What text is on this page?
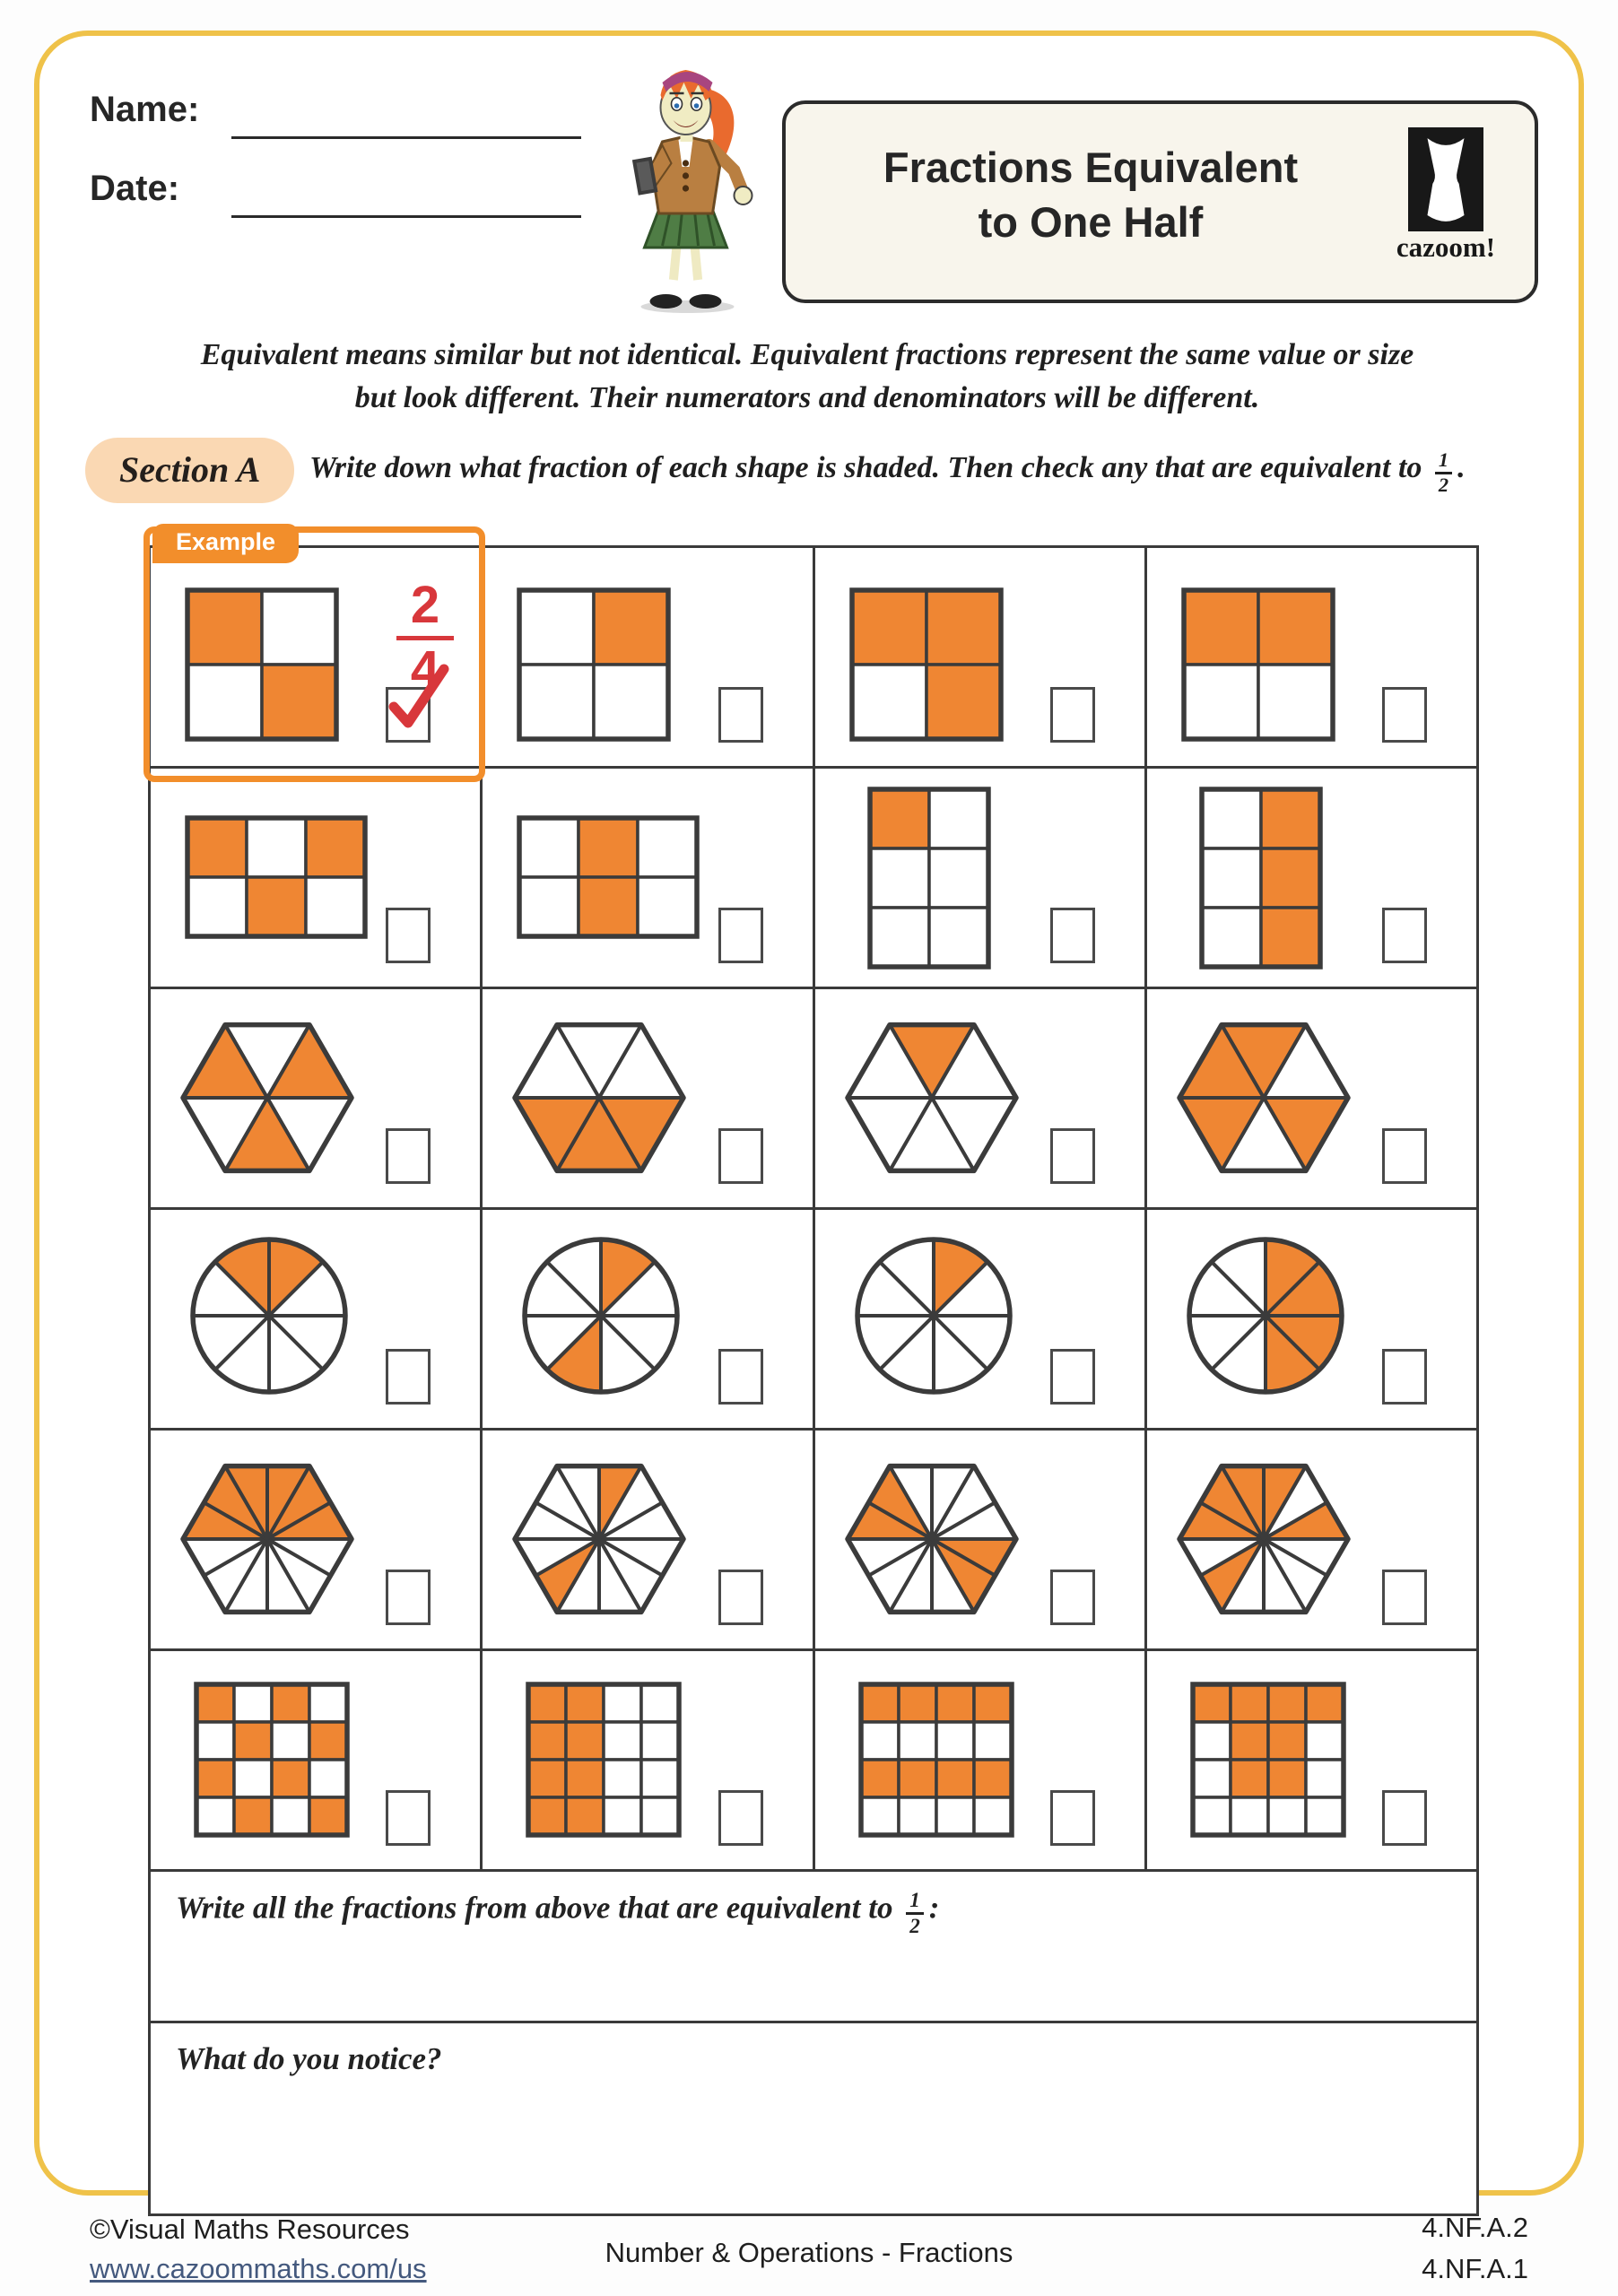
Name:
Date:	Fractions Equivalent
to One Half
cazoom!
Equivalent means similar but not identical. Equivalent fractions represent the same value or size
but look different. Their numerators and denominators will be different.
Section A	Write down what fraction of each shape is shaded. Then check any that are equivalent to $\frac{1}{2}$ .
Example
2
4
Write all the fractions from above that are equivalent to $\frac{1}{2}$ :
What do you notice?
©Visual Maths Resources
www.cazoommaths.com/us
Number & Operations - Fractions
4.NF.A.2
4.NF.A.1
